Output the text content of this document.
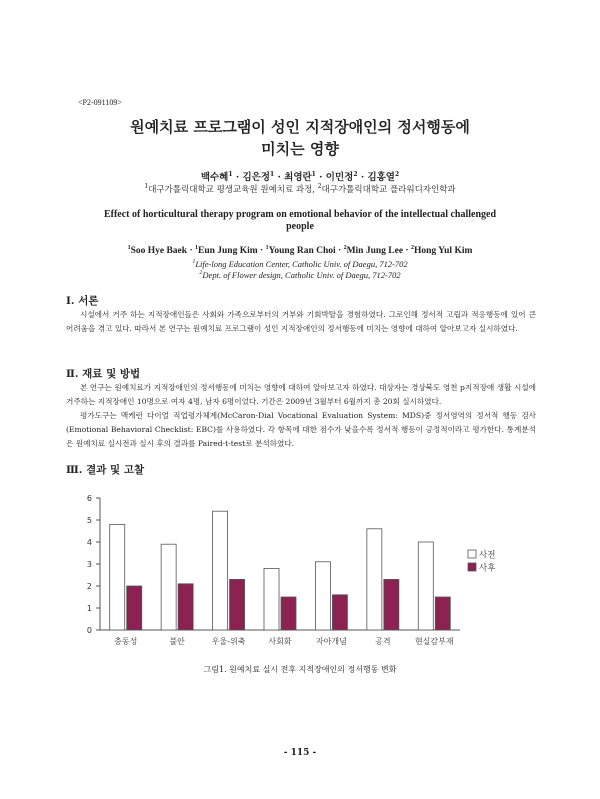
<P2-091109>
원예치료 프로그램이 성인 지적장애인의 정서행동에
미치는 영향
백수혜$^1$ · 김은정$^1$ · 최영란$^1$ · 이민정$^2$ · 김홍열$^2$
$^1$대구가톨릭대학교 평생교육원 원예치료 과정, $^2$대구가톨릭대학교 플라워디자인학과
Effect of horticultural therapy program on emotional behavior of the intellectual challenged people
$^1$Soo Hye Baek · $^1$Eun Jung Kim · $^1$Young Ran Choi · $^2$Min Jung Lee · $^2$Hong Yul Kim
$^1$Life-long Education Center, Catholic Univ. of Daegu, 712-702
$^2$Dept. of Flower design, Catholic Univ. of Daegu, 712-702
Ⅰ. 서론

시설에서 거주 하는 지적장애인들은 사회와 가족으로부터의 거부와 기회박탈을 경험하였다. 그로인해 정서적 고립과 적응행동에 있어 큰 어려움을 겪고 있다. 따라서 본 연구는 원예치료 프로그램이 성인 지적장애인의 정서행동에 미치는 영향에 대하여 알아보고자 실시하였다.

Ⅱ. 재료 및 방법

본 연구는 원예치료가 지적장애인의 정서행동에 미치는 영향에 대하여 알아보고자 하였다. 대상자는 경상북도 영천 p지적장애 생활 시설에 거주하는 지적장애인 10명으로 여자 4명, 남자 6명이었다. 기간은 2009년 3월부터 6월까지 총 20회 실시하였다.

평가도구는 맥케런 다이얼 직업평가체계(McCaron-Dial Vocational Evaluation System: MDS)중 정서영역의 정서적 행동 검사(Emotional Behavioral Checklist: EBC)를 사용하였다. 각 항목에 대한 점수가 낮을수록 정서적 행동이 긍정적이라고 평가한다. 통계분석은 원예치료 실시전과 실시 후의 결과를 Paired-t-test로 분석하였다.

Ⅲ. 결과 및 고찰
0
1
2
3
4
5
6
충동성	불안	우울-위축	사회화	자아개념	공격	현실감부재
사전
사후
그림1. 원예치료 실시 전후 지적장애인의 정서행동 변화
- 115 -
